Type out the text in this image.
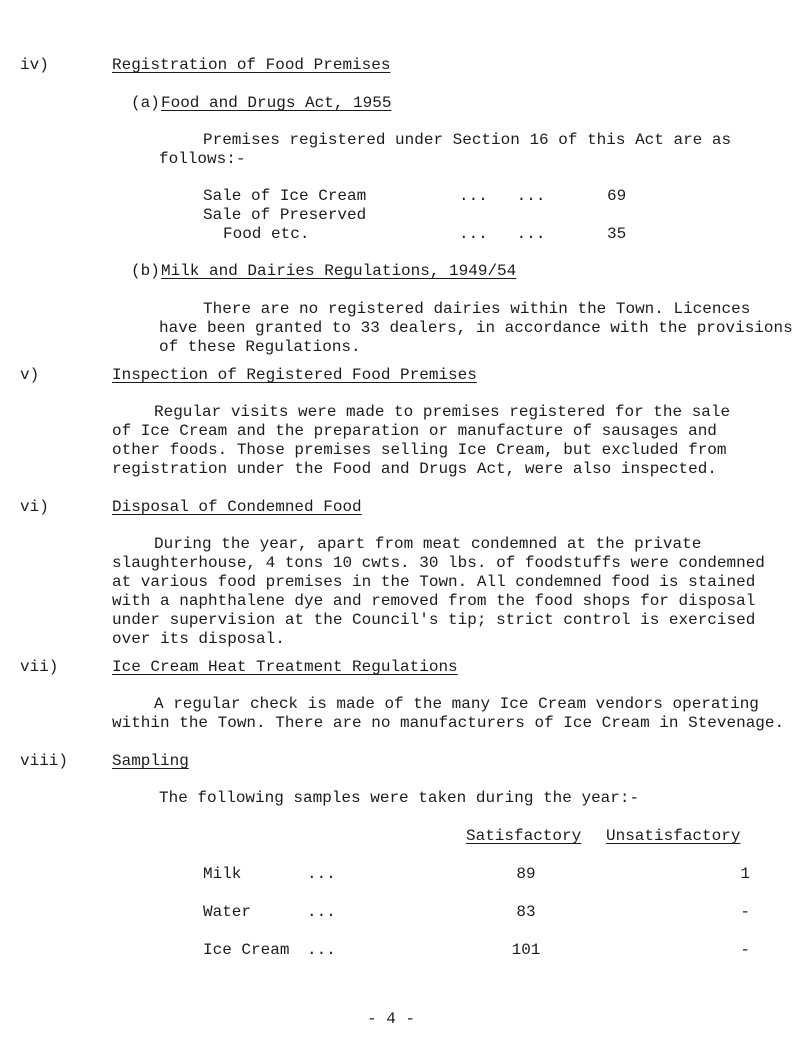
iv)	Registration of Food Premises
(a) Food and Drugs Act, 1955
Premises registered under Section 16 of this Act are as
follows:-
Sale of Ice Cream	...   ...	69
Sale of Preserved
Food etc.	...   ...	35
(b) Milk and Dairies Regulations, 1949/54
There are no registered dairies within the Town. Licences
have been granted to 33 dealers, in accordance with the provisions
of these Regulations.
v)	Inspection of Registered Food Premises
Regular visits were made to premises registered for the sale
of Ice Cream and the preparation or manufacture of sausages and
other foods. Those premises selling Ice Cream, but excluded from
registration under the Food and Drugs Act, were also inspected.
vi)	Disposal of Condemned Food
During the year, apart from meat condemned at the private
slaughterhouse, 4 tons 10 cwts. 30 lbs. of foodstuffs were condemned
at various food premises in the Town. All condemned food is stained
with a naphthalene dye and removed from the food shops for disposal
under supervision at the Council's tip; strict control is exercised
over its disposal.
vii)	Ice Cream Heat Treatment Regulations
A regular check is made of the many Ice Cream vendors operating
within the Town. There are no manufacturers of Ice Cream in Stevenage.
viii)	Sampling
The following samples were taken during the year:-
Satisfactory Unsatisfactory
Milk	...	89	1
Water	...	83	-
Ice Cream ...	101	-
- 4 -
